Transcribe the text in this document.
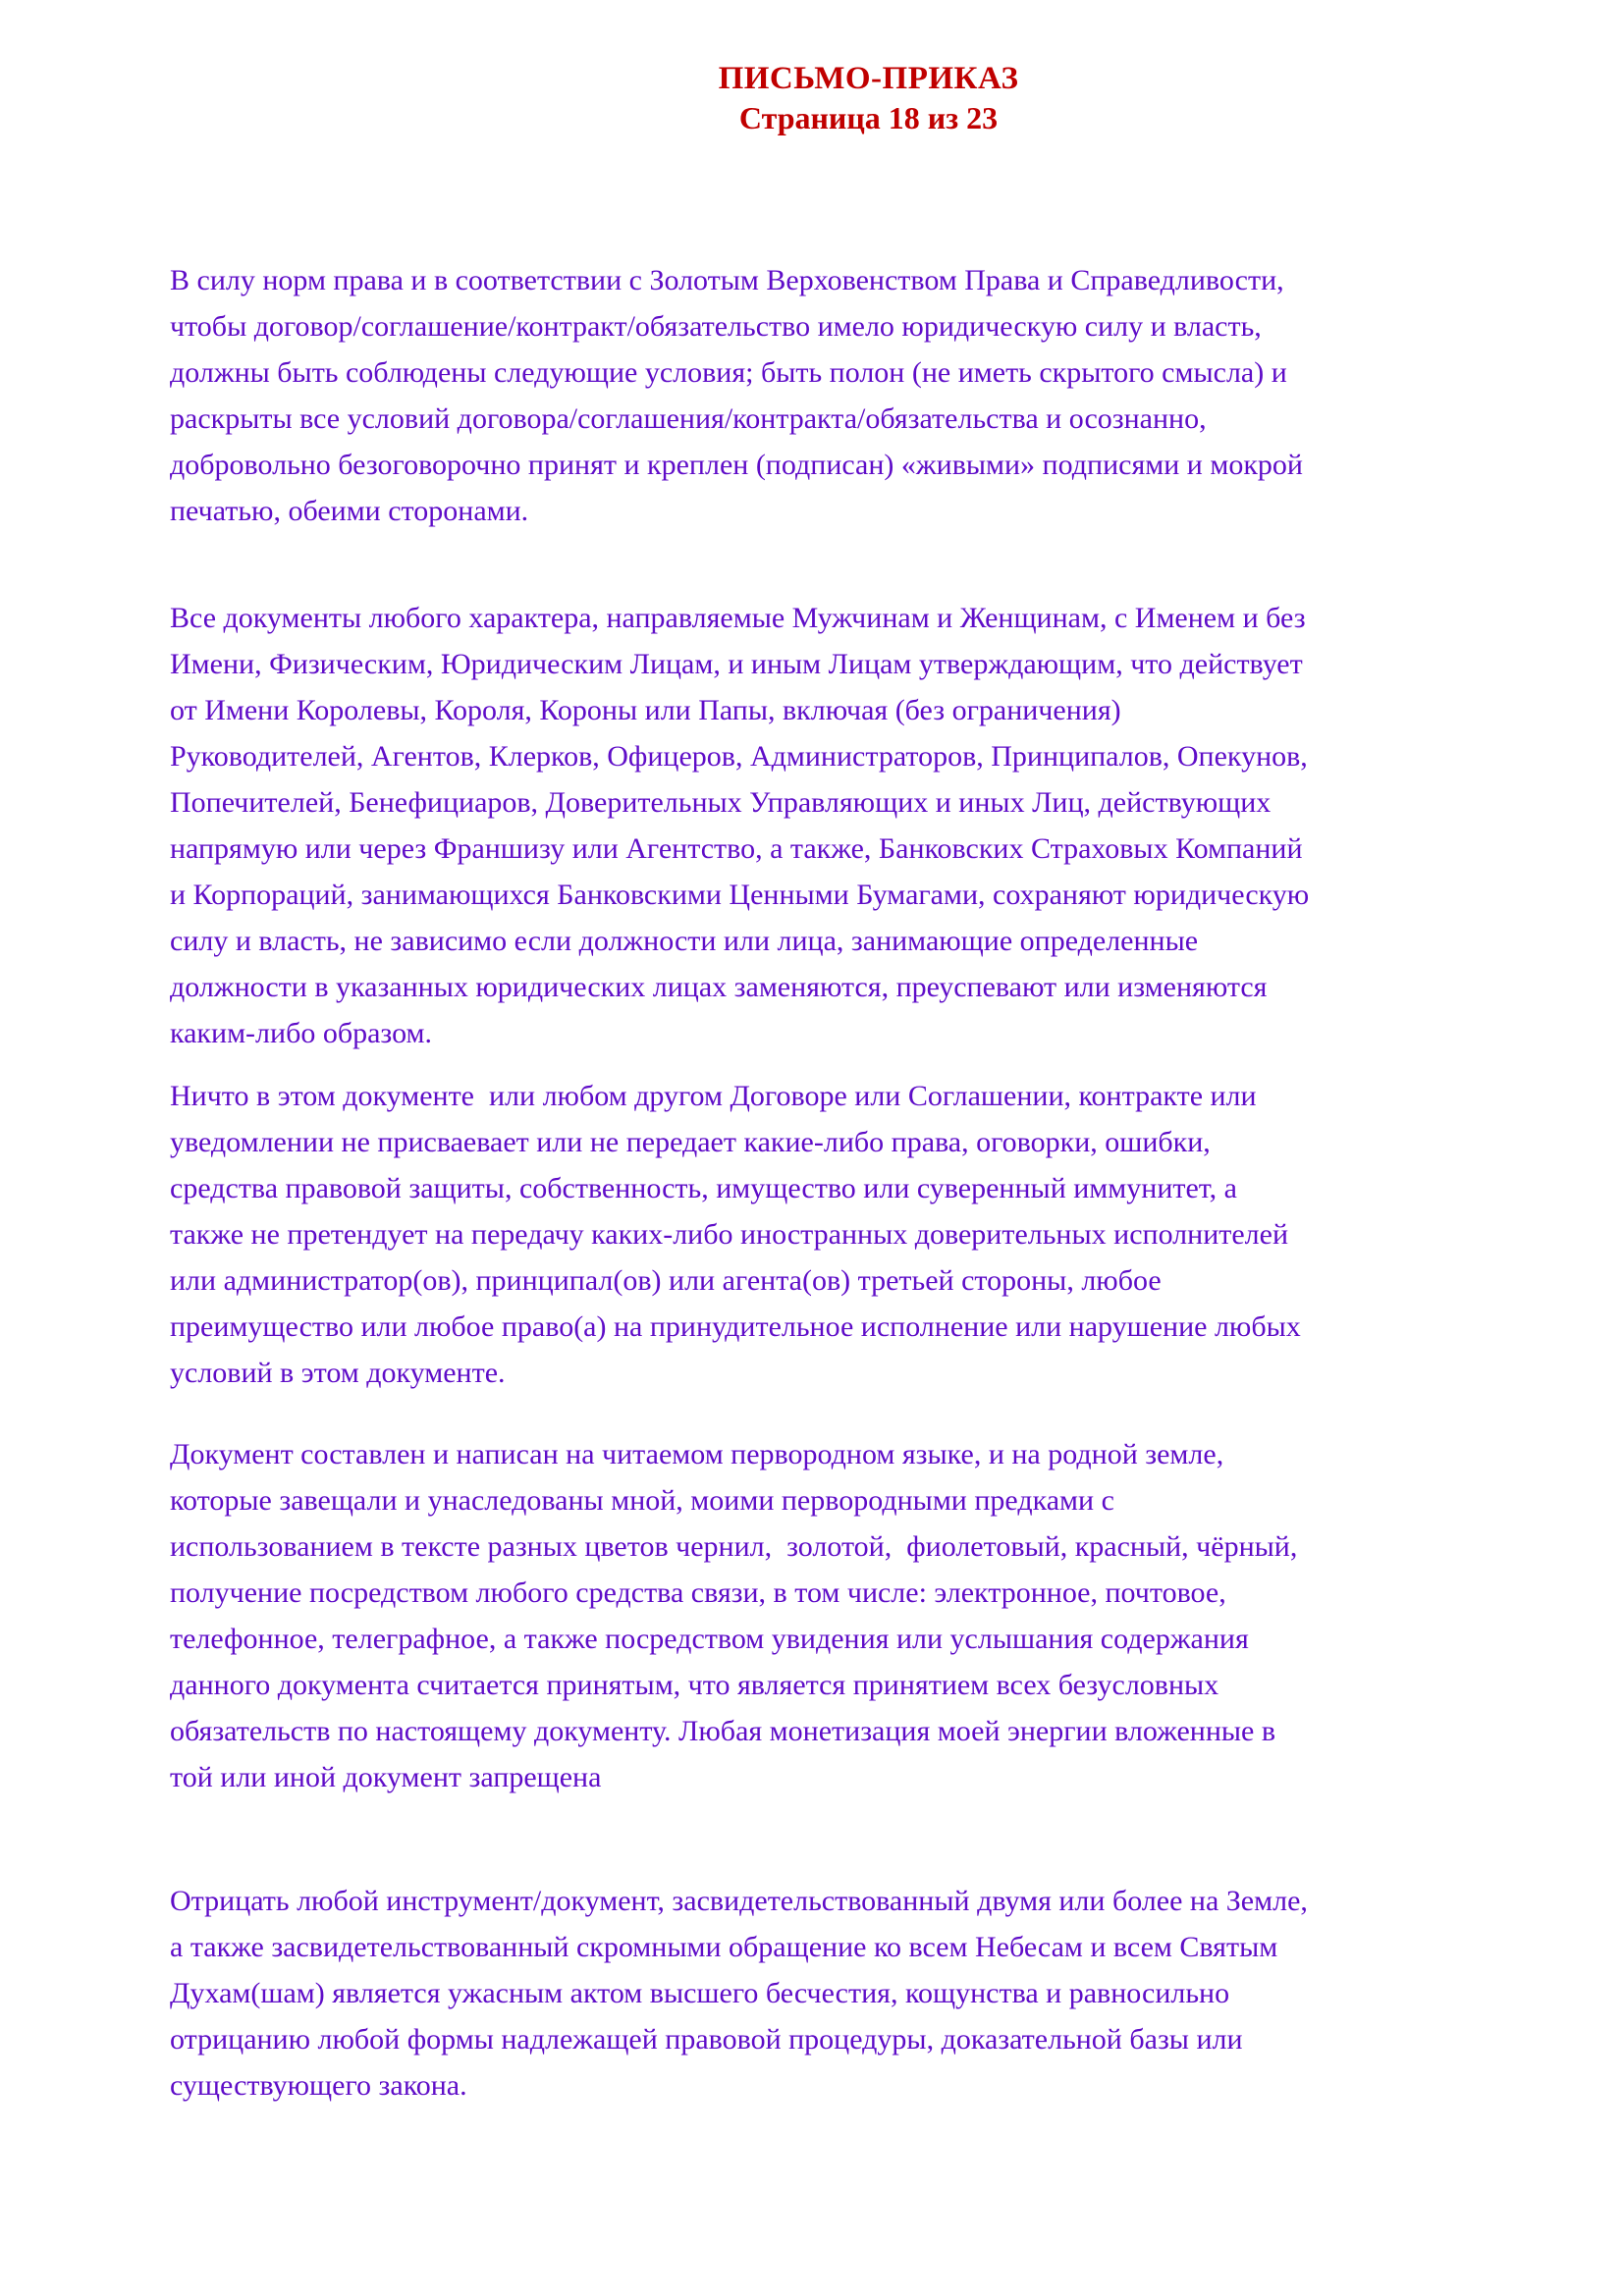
ПИСЬМО-ПРИКАЗ
Страница 18 из 23

В силу норм права и в соответствии с Золотым Верховенством Права и Справедливости,
чтобы договор/соглашение/контракт/обязательство имело юридическую силу и власть,
должны быть соблюдены следующие условия; быть полон (не иметь скрытого смысла) и
раскрыты все условий договора/соглашения/контракта/обязательства и осознанно,
добровольно безоговорочно принят и креплен (подписан) «живыми» подписями и мокрой
печатью, обеими сторонами.

Все документы любого характера, направляемые Мужчинам и Женщинам, с Именем и без
Имени, Физическим, Юридическим Лицам, и иным Лицам утверждающим, что действует
от Имени Королевы, Короля, Короны или Папы, включая (без ограничения)
Руководителей, Агентов, Клерков, Офицеров, Администраторов, Принципалов, Опекунов,
Попечителей, Бенефициаров, Доверительных Управляющих и иных Лиц, действующих
напрямую или через Франшизу или Агентство, а также, Банковских Страховых Компаний
и Корпораций, занимающихся Банковскими Ценными Бумагами, сохраняют юридическую
силу и власть, не зависимо если должности или лица, занимающие определенные
должности в указанных юридических лицах заменяются, преуспевают или изменяются
каким-либо образом.

Ничто в этом документе  или любом другом Договоре или Соглашении, контракте или
уведомлении не присваевает или не передает какие-либо права, оговорки, ошибки,
средства правовой защиты, собственность, имущество или суверенный иммунитет, а
также не претендует на передачу каких-либо иностранных доверительных исполнителей
или администратор(ов), принципал(ов) или агента(ов) третьей стороны, любое
преимущество или любое право(а) на принудительное исполнение или нарушение любых
условий в этом документе.

Документ составлен и написан на читаемом первородном языке, и на родной земле,
которые завещали и унаследованы мной, моими первородными предками с
использованием в тексте разных цветов чернил,  золотой,  фиолетовый, красный, чёрный,
получение посредством любого средства связи, в том числе: электронное, почтовое,
телефонное, телеграфное, а также посредством увидения или услышания содержания
данного документа считается принятым, что является принятием всех безусловных
обязательств по настоящему документу. Любая монетизация моей энергии вложенные в
той или иной документ запрещена

Отрицать любой инструмент/документ, засвидетельствованный двумя или более на Земле,
а также засвидетельствованный скромными обращение ко всем Небесам и всем Святым
Духам(шам) является ужасным актом высшего бесчестия, кощунства и равносильно
отрицанию любой формы надлежащей правовой процедуры, доказательной базы или
существующего закона.
